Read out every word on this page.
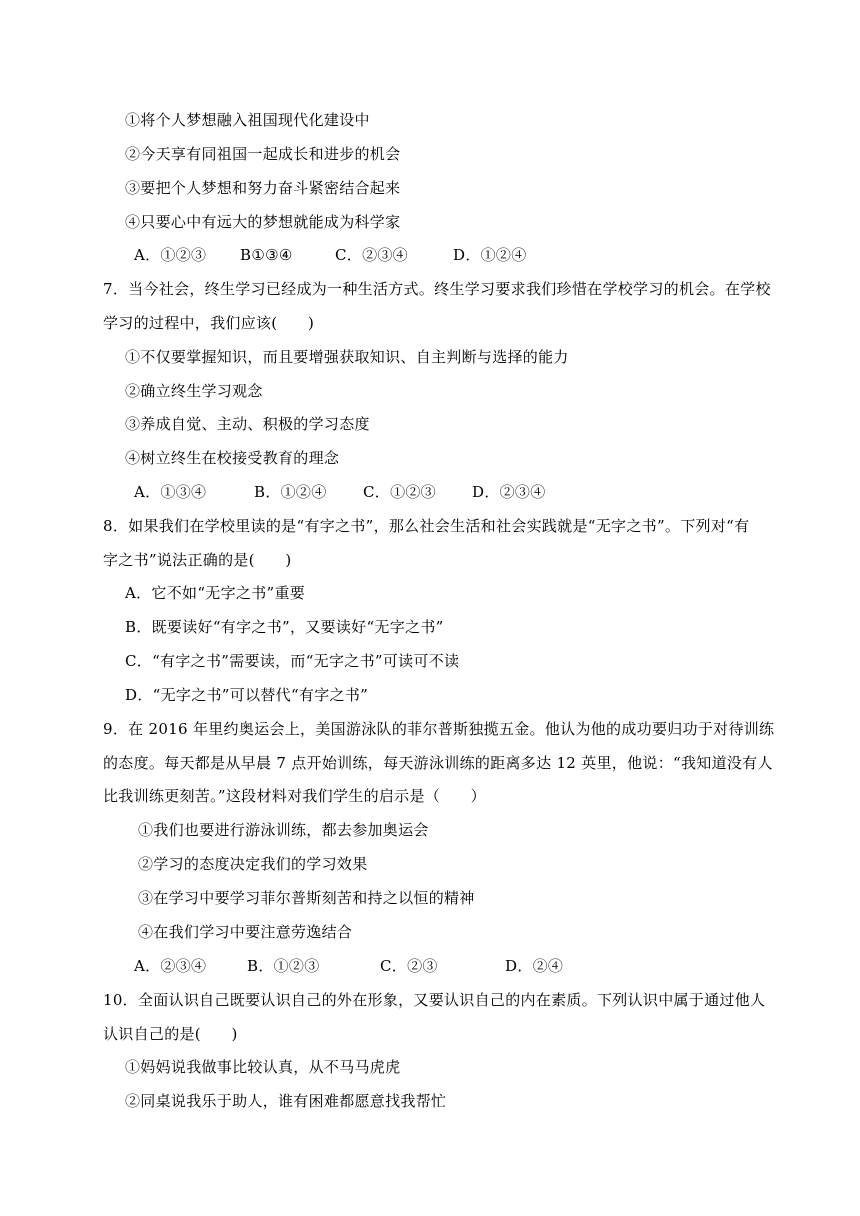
①将个人梦想融入祖国现代化建设中
②今天享有同祖国一起成长和进步的机会
③要把个人梦想和努力奋斗紧密结合起来
④只要心中有远大的梦想就能成为科学家
A．①②③ B①③④	C．②③④	D．①②④
7．当今社会，终生学习已经成为一种生活方式。终生学习要求我们珍惜在学校学习的机会。在学校
学习的过程中，我们应该(　　)
①不仅要掌握知识，而且要增强获取知识、自主判断与选择的能力
②确立终生学习观念
③养成自觉、主动、积极的学习态度
④树立终生在校接受教育的理念
A．①③④	B．①②④ C．①②③ D．②③④
8．如果我们在学校里读的是“有字之书”，那么社会生活和社会实践就是“无字之书”。下列对“有
字之书”说法正确的是(　　)
A．它不如“无字之书”重要
B．既要读好“有字之书”，又要读好“无字之书”
C．“有字之书”需要读，而“无字之书”可读可不读
D．“无字之书”可以替代“有字之书”
9．在 2016 年里约奥运会上，美国游泳队的菲尔普斯独揽五金。他认为他的成功要归功于对待训练
的态度。每天都是从早晨 7 点开始训练，每天游泳训练的距离多达 12 英里，他说：“我知道没有人
比我训练更刻苦。”这段材料对我们学生的启示是（　　）
①我们也要进行游泳训练，都去参加奥运会
②学习的态度决定我们的学习效果
③在学习中要学习菲尔普斯刻苦和持之以恒的精神
④在我们学习中要注意劳逸结合
A．②③④	B．①②③	C．②③	D．②④
10．全面认识自己既要认识自己的外在形象，又要认识自己的内在素质。下列认识中属于通过他人
认识自己的是(　　)
①妈妈说我做事比较认真，从不马马虎虎
②同桌说我乐于助人，谁有困难都愿意找我帮忙
